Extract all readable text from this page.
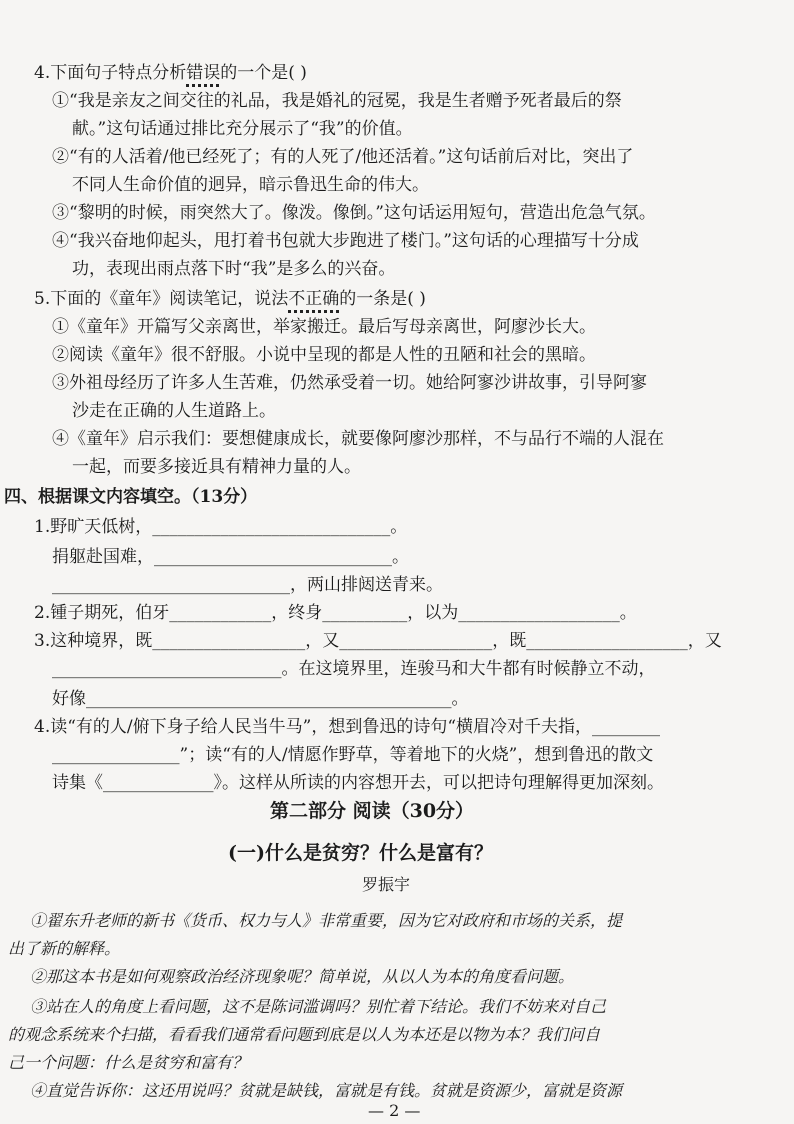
4.下面句子特点分析错误的一个是( )
①“我是亲友之间交往的礼品，我是婚礼的冠冕，我是生者赠予死者最后的祭
献。”这句话通过排比充分展示了“我”的价值。
②“有的人活着/他已经死了；有的人死了/他还活着。”这句话前后对比，突出了
不同人生命价值的迥异，暗示鲁迅生命的伟大。
③“黎明的时候，雨突然大了。像泼。像倒。”这句话运用短句，营造出危急气氛。
④“我兴奋地仰起头，甩打着书包就大步跑进了楼门。”这句话的心理描写十分成
功，表现出雨点落下时“我”是多么的兴奋。
5.下面的《童年》阅读笔记，说法不正确的一条是( )
①《童年》开篇写父亲离世，举家搬迁。最后写母亲离世，阿廖沙长大。
②阅读《童年》很不舒服。小说中呈现的都是人性的丑陋和社会的黑暗。
③外祖母经历了许多人生苦难，仍然承受着一切。她给阿寥沙讲故事，引导阿寥
沙走在正确的人生道路上。
④《童年》启示我们：要想健康成长，就要像阿廖沙那样，不与品行不端的人混在
一起，而要多接近具有精神力量的人。
四、根据课文内容填空。（13分）
1.野旷天低树，____________________________。
捐躯赴国难，____________________________。
____________________________，两山排闼送青来。
2.锺子期死，伯牙____________，终身__________，以为___________________。
3.这种境界，既__________________，又__________________，既___________________，又
___________________________。在这境界里，连骏马和大牛都有时候静立不动，
好像___________________________________________。
4.读“有的人/俯下身子给人民当牛马”，想到鲁迅的诗句“横眉冷对千夫指，________
_______________”；读“有的人/情愿作野草，等着地下的火烧”，想到鲁迅的散文
诗集《_____________》。这样从所读的内容想开去，可以把诗句理解得更加深刻。
第二部分 阅读（30分）
(一)什么是贫穷？什么是富有？
罗振宇
①翟东升老师的新书《货币、权力与人》非常重要，因为它对政府和市场的关系，提
出了新的解释。
②那这本书是如何观察政治经济现象呢？简单说，从以人为本的角度看问题。
③站在人的角度上看问题，这不是陈词滥调吗？别忙着下结论。我们不妨来对自己
的观念系统来个扫描，看看我们通常看问题到底是以人为本还是以物为本？我们问自
己一个问题：什么是贫穷和富有？
④直觉告诉你：这还用说吗？贫就是缺钱，富就是有钱。贫就是资源少，富就是资源
— 2 —
